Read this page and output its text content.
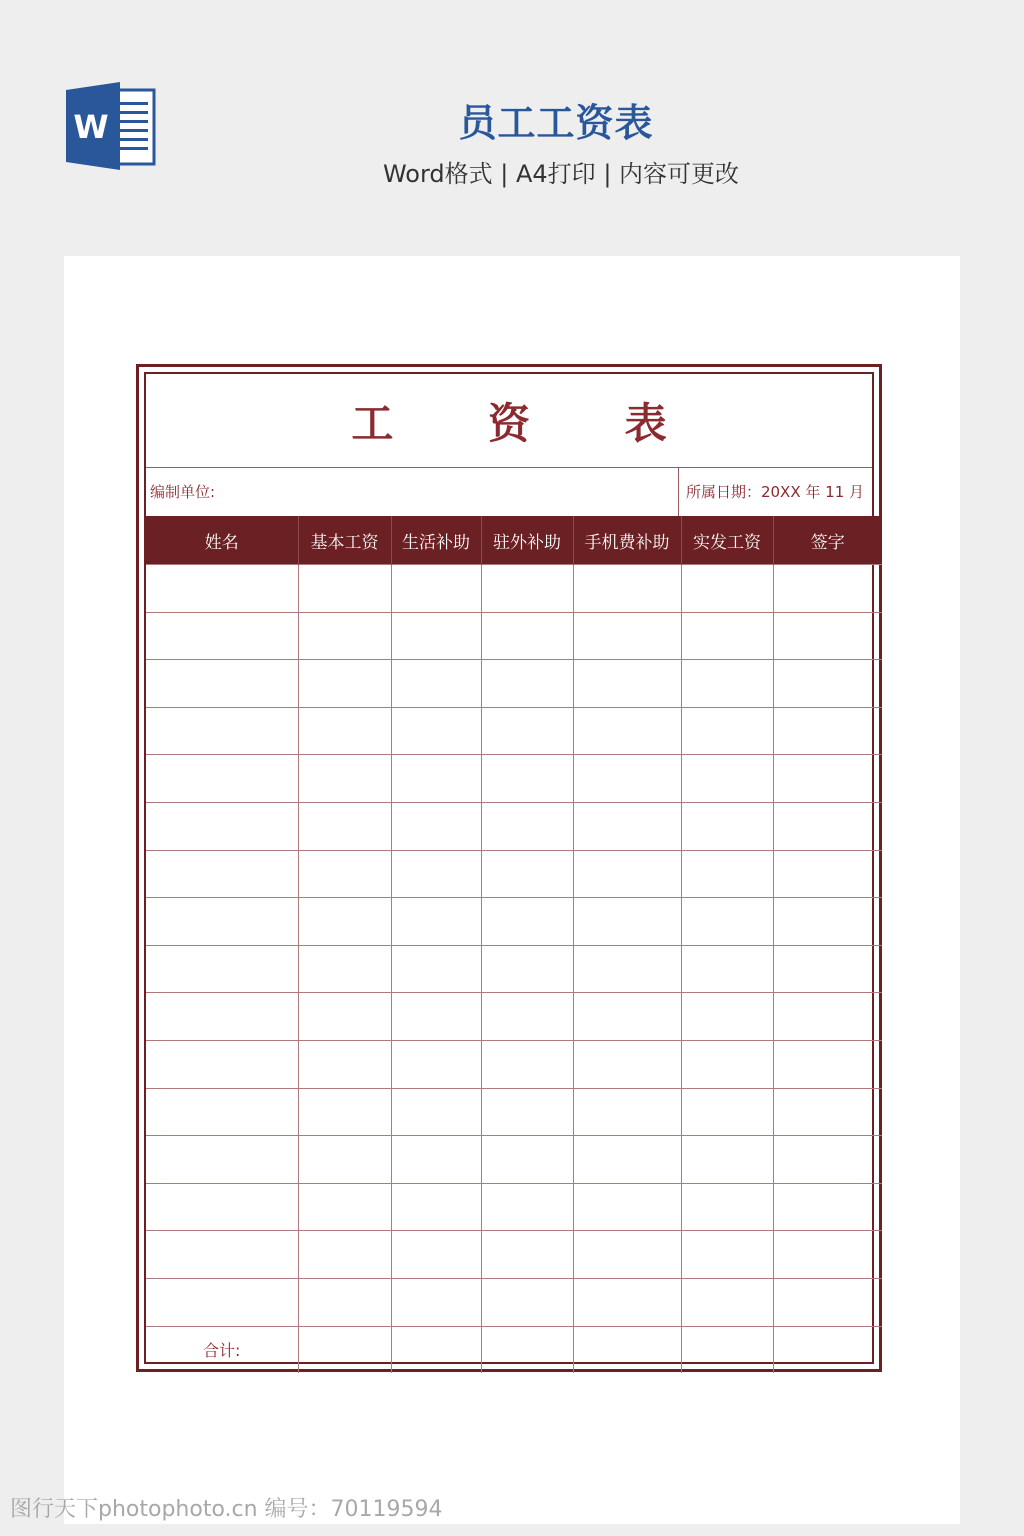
W	员工工资表
Word格式 | A4打印 | 内容可更改
工 资 表
编制单位:	所属日期：20XX 年 11 月
姓名	基本工资	生活补助	驻外补助	手机费补助	实发工资	签字

合计:						
图行天下photophoto.cn 编号：70119594
